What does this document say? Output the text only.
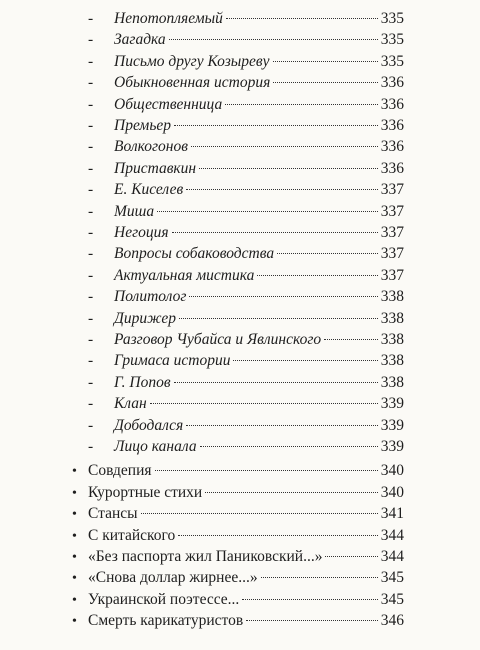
-	Непотопляемый	335
-	Загадка	335
-	Письмо другу Козыреву	335
-	Обыкновенная история	336
-	Общественница	336
-	Премьер	336
-	Волкогонов	336
-	Приставкин	336
-	Е. Киселев	337
-	Миша	337
-	Негоция	337
-	Вопросы собаководства	337
-	Актуальная мистика	337
-	Политолог	338
-	Дирижер	338
-	Разговор Чубайса и Явлинского	338
-	Гримаса истории	338
-	Г. Попов	338
-	Клан	339
-	Дободался	339
-	Лицо канала	339
• Совдепия	340
• Курортные стихи	340
• Стансы	341
• С китайского	344
• «Без паспорта жил Паниковский...»	344
• «Снова доллар жирнее...»	345
• Украинской поэтессе...	345
• Смерть карикатуристов	346
